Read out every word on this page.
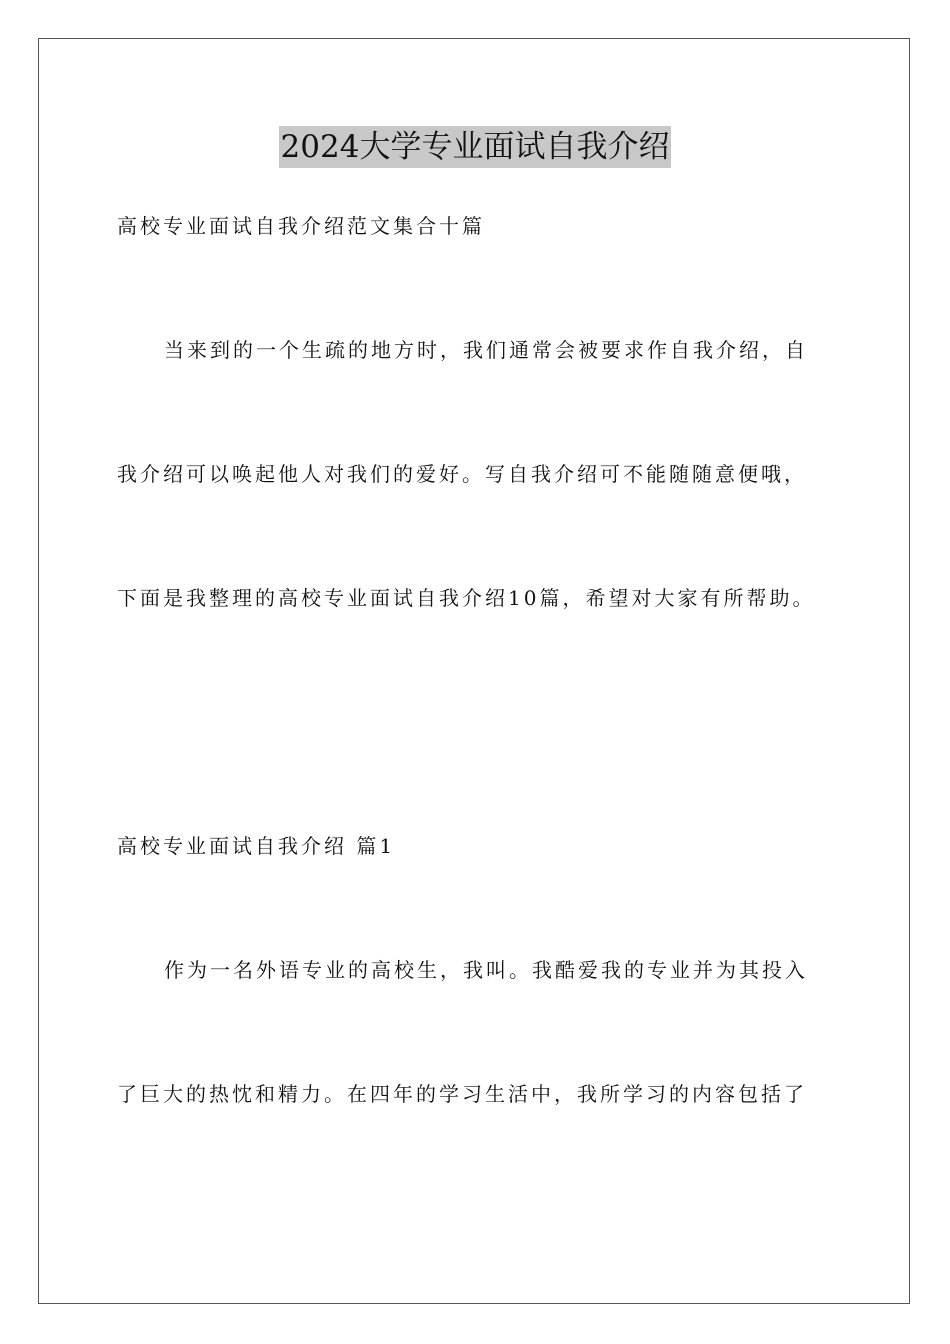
2024大学专业面试自我介绍
高校专业面试自我介绍范文集合十篇
当来到的一个生疏的地方时，我们通常会被要求作自我介绍，自
我介绍可以唤起他人对我们的爱好。写自我介绍可不能随随意便哦，
下面是我整理的高校专业面试自我介绍10篇，希望对大家有所帮助。
高校专业面试自我介绍 篇1
作为一名外语专业的高校生，我叫。我酷爱我的专业并为其投入
了巨大的热忱和精力。在四年的学习生活中，我所学习的内容包括了
